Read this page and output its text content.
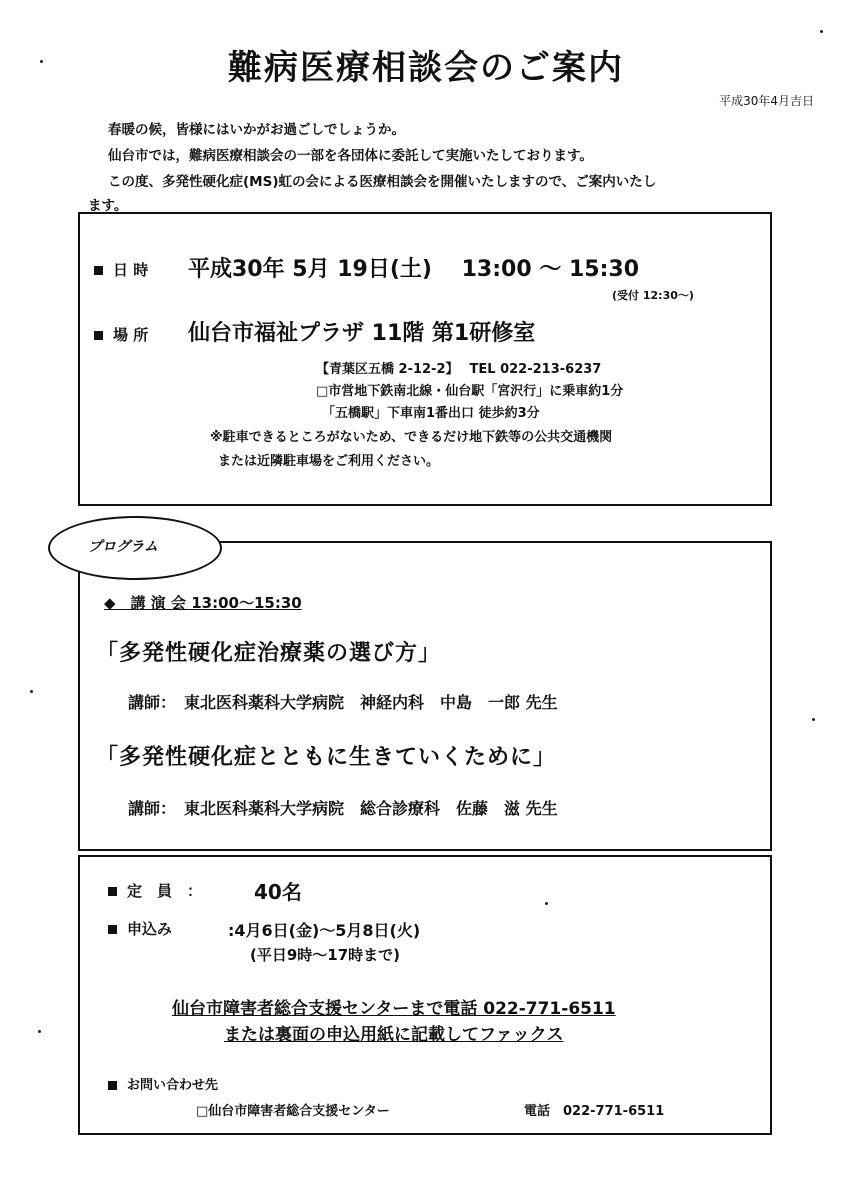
難病医療相談会のご案内
平成30年4月吉日
春暖の候，皆様にはいかがお過ごしでしょうか。
仙台市では，難病医療相談会の一部を各団体に委託して実施いたしております。
この度、多発性硬化症(MS)虹の会による医療相談会を開催いたしますので、ご案内いたし
ます。
日 時 平成30年 5月 19日(土)　 13:00 〜 15:30
(受付 12:30〜)
場 所 仙台市福祉プラザ 11階 第1研修室
【青葉区五橋 2-12-2】　 TEL 022-213-6237
□市営地下鉄南北線・仙台駅「宮沢行」に乗車約1分
「五橋駅」下車南1番出口 徒歩約3分
※駐車できるところがないため、できるだけ地下鉄等の公共交通機関
または近隣駐車場をご利用ください。
プログラム
◆　講 演 会 13:00〜15:30
「多発性硬化症治療薬の選び方」
講師：　東北医科薬科大学病院　神経内科　中島　一郎 先生
「多発性硬化症とともに生きていくために」
講師：　東北医科薬科大学病院　総合診療科　佐藤　滋 先生
定　員　：	40名
申込み	:4月6日(金)〜5月8日(火)
(平日9時〜17時まで)
仙台市障害者総合支援センターまで電話 022-771-6511
または裏面の申込用紙に記載してファックス
お問い合わせ先
□仙台市障害者総合支援センター	電話　022-771-6511
